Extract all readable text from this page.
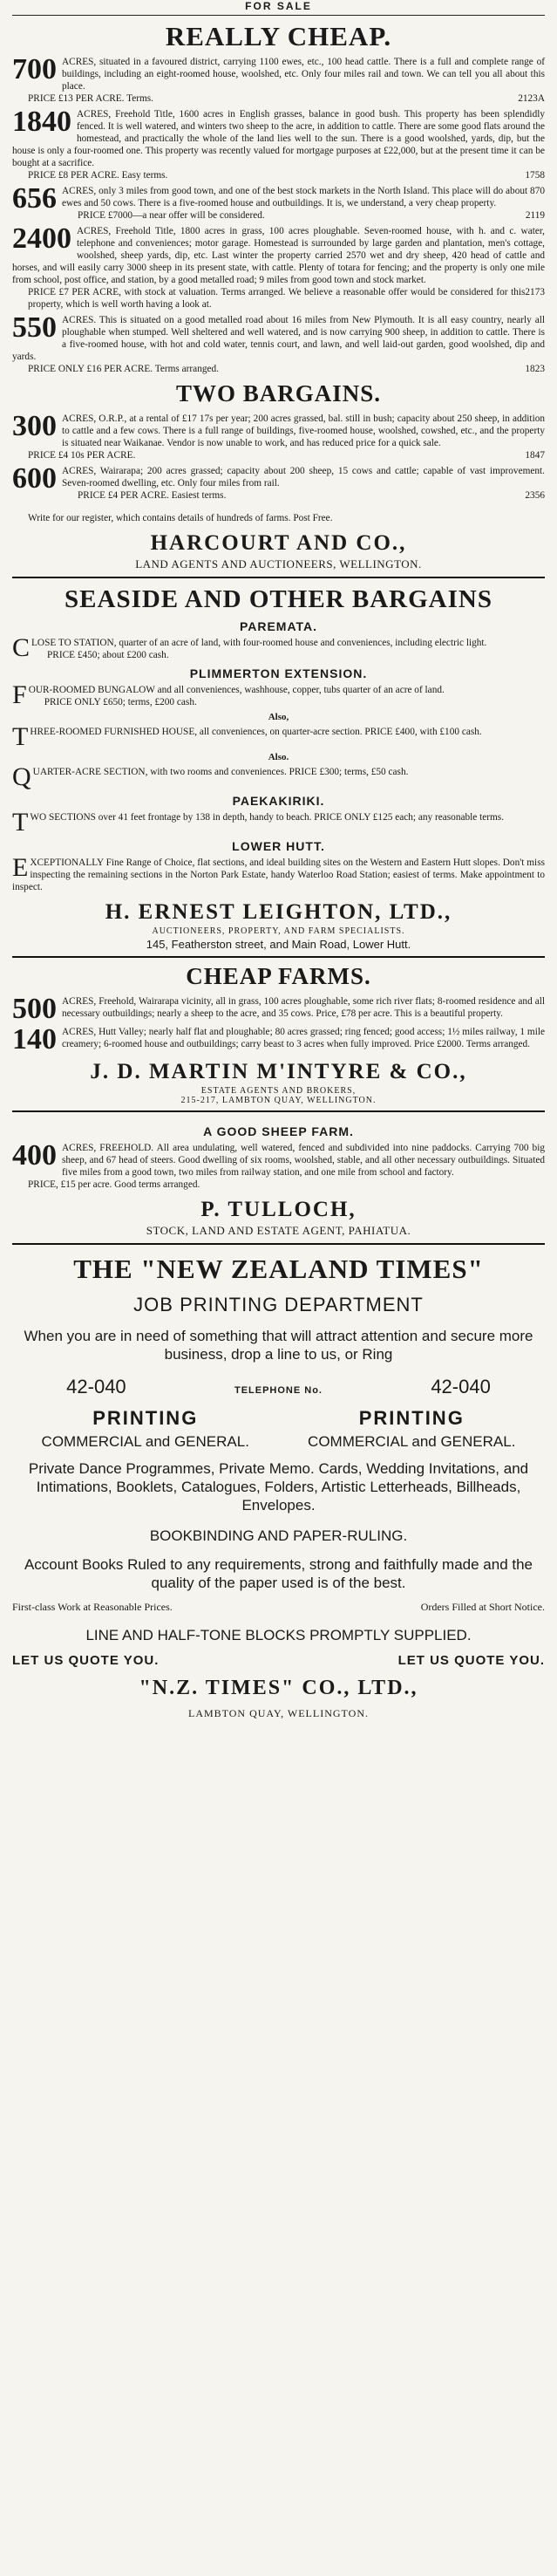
FOR SALE
REALLY CHEAP.
700 ACRES, situated in a favoured district, carrying 1100 ewes, etc., 100 head cattle. There is a full and complete range of buildings, including an eight-roomed house, woolshed, etc. Only four miles rail and town. We can tell you all about this place.
PRICE £13 PER ACRE. Terms.	2123A
1840 ACRES, Freehold Title, 1600 acres in English grasses, balance in good bush. This property has been splendidly fenced. It is well watered, and winters two sheep to the acre, in addition to cattle. There are some good flats around the homestead, and practically the whole of the land lies well to the sun. There is a good woolshed, yards, dip, but the house is only a four-roomed one. This property was recently valued for mortgage purposes at £22,000, but at the present time it can be bought at a sacrifice.
PRICE £8 PER ACRE. Easy terms.	1758
656 ACRES, only 3 miles from good town, and one of the best stock markets in the North Island. This place will do about 870 ewes and 50 cows. There is a five-roomed house and outbuildings. It is, we understand, a very cheap property.
PRICE £7000—a near offer will be considered.	2119
2400 ACRES, Freehold Title, 1800 acres in grass, 100 acres ploughable. Seven-roomed house, with h. and c. water, telephone and conveniences; motor garage. Homestead is surrounded by large garden and plantation, men's cottage, woolshed, sheep yards, dip, etc. Last winter the property carried 2570 wet and dry sheep, 420 head of cattle and horses, and will easily carry 3000 sheep in its present state, with cattle. Plenty of totara for fencing; and the property is only one mile from school, post office, and station, by a good metalled road; 9 miles from good town and stock market.
PRICE £7 PER ACRE, with stock at valuation. Terms arranged. We believe a reasonable offer would be considered for this property, which is well worth having a look at.
2173
550 ACRES. This is situated on a good metalled road about 16 miles from New Plymouth. It is all easy country, nearly all ploughable when stumped. Well sheltered and well watered, and is now carrying 900 sheep, in addition to cattle. There is a five-roomed house, with hot and cold water, tennis court, and lawn, and well laid-out garden, good woolshed, dip and yards.
PRICE ONLY £16 PER ACRE. Terms arranged.	1823
TWO BARGAINS.
300 ACRES, O.R.P., at a rental of £17 17s per year; 200 acres grassed, bal. still in bush; capacity about 250 sheep, in addition to cattle and a few cows. There is a full range of buildings, five-roomed house, woolshed, cowshed, etc., and the property is situated near Waikanae. Vendor is now unable to work, and has reduced price for a quick sale.
PRICE £4 10s PER ACRE.	1847
600 ACRES, Wairarapa; 200 acres grassed; capacity about 200 sheep, 15 cows and cattle; capable of vast improvement. Seven-roomed dwelling, etc. Only four miles from rail.
PRICE £4 PER ACRE. Easiest terms.	2356

Write for our register, which contains details of hundreds of farms. Post Free.

HARCOURT AND CO.,
LAND AGENTS AND AUCTIONEERS, WELLINGTON.
SEASIDE AND OTHER BARGAINS
PAREMATA.
C LOSE TO STATION, quarter of an acre of land, with four-roomed house and conveniences, including electric light.
PRICE £450; about £200 cash.
PLIMMERTON EXTENSION.
F OUR-ROOMED BUNGALOW and all conveniences, washhouse, copper, tubs quarter of an acre of land.
PRICE ONLY £650; terms, £200 cash.
Also,
T HREE-ROOMED FURNISHED HOUSE, all conveniences, on quarter-acre section. PRICE £400, with £100 cash.
Also.
Q UARTER-ACRE SECTION, with two rooms and conveniences. PRICE £300; terms, £50 cash.
PAEKAKIRIKI.
T WO SECTIONS over 41 feet frontage by 138 in depth, handy to beach. PRICE ONLY £125 each; any reasonable terms.
LOWER HUTT.
E XCEPTIONALLY Fine Range of Choice, flat sections, and ideal building sites on the Western and Eastern Hutt slopes. Don't miss inspecting the remaining sections in the Norton Park Estate, handy Waterloo Road Station; easiest of terms. Make appointment to inspect.
H. ERNEST LEIGHTON, LTD.,
AUCTIONEERS, PROPERTY, AND FARM SPECIALISTS.
145, Featherston street, and Main Road, Lower Hutt.
CHEAP FARMS.
500 ACRES, Freehold, Wairarapa vicinity, all in grass, 100 acres ploughable, some rich river flats; 8-roomed residence and all necessary outbuildings; nearly a sheep to the acre, and 35 cows. Price, £78 per acre. This is a beautiful property.
140 ACRES, Hutt Valley; nearly half flat and ploughable; 80 acres grassed; ring fenced; good access; 1½ miles railway, 1 mile creamery; 6-roomed house and outbuildings; carry beast to 3 acres when fully improved. Price £2000. Terms arranged.
J. D. MARTIN M'INTYRE & CO.,
ESTATE AGENTS AND BROKERS,
215-217, LAMBTON QUAY, WELLINGTON.
A GOOD SHEEP FARM.
400 ACRES, FREEHOLD. All area undulating, well watered, fenced and subdivided into nine paddocks. Carrying 700 big sheep, and 67 head of steers. Good dwelling of six rooms, woolshed, stable, and all other necessary outbuildings. Situated five miles from a good town, two miles from railway station, and one mile from school and factory.
PRICE, £15 per acre. Good terms arranged.
P. TULLOCH,
STOCK, LAND AND ESTATE AGENT, PAHIATUA.
THE "NEW ZEALAND TIMES"
JOB PRINTING DEPARTMENT
When you are in need of something that will attract attention and secure more business, drop a line to us, or Ring
42-040	TELEPHONE No.	42-040
PRINTING	PRINTING
COMMERCIAL and GENERAL.	COMMERCIAL and GENERAL.
Private Dance Programmes, Private Memo. Cards, Wedding Invitations, and Intimations, Booklets, Catalogues, Folders, Artistic Letterheads, Billheads, Envelopes.
BOOKBINDING AND PAPER-RULING.
Account Books Ruled to any requirements, strong and faithfully made and the quality of the paper used is of the best.
First-class Work at Reasonable Prices.	Orders Filled at Short Notice.
LINE AND HALF-TONE BLOCKS PROMPTLY SUPPLIED.
LET US QUOTE YOU.	LET US QUOTE YOU.
"N.Z. TIMES" CO., LTD.,
LAMBTON QUAY, WELLINGTON.
